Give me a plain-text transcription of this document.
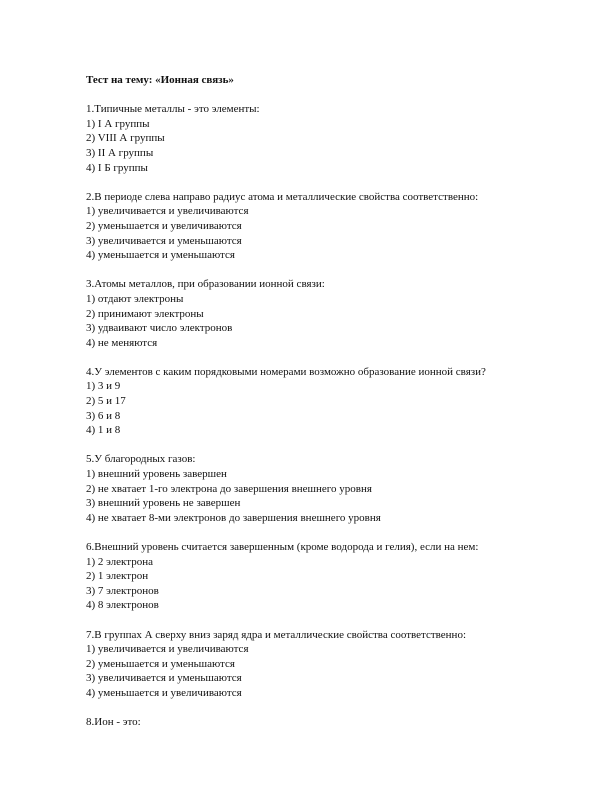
Тест на тему: «Ионная связь»
1.Типичные металлы - это элементы:
1) I А группы
2) VIII А группы
3) II А группы
4) I Б группы
2.В периоде слева направо радиус атома и металлические свойства соответственно:
1) увеличивается и увеличиваются
2) уменьшается и увеличиваются
3) увеличивается и уменьшаются
4) уменьшается и уменьшаются
3.Атомы металлов, при образовании ионной связи:
1) отдают электроны
2) принимают электроны
3) удваивают число электронов
4) не меняются
4.У элементов с каким порядковыми номерами возможно образование ионной связи?
1) 3 и 9
2) 5 и 17
3) 6 и 8
4) 1 и 8
5.У благородных газов:
1) внешний уровень завершен
2) не хватает 1-го электрона до завершения внешнего уровня
3) внешний уровень не завершен
4) не хватает 8-ми электронов до завершения внешнего уровня
6.Внешний уровень считается завершенным (кроме водорода и гелия), если на нем:
1) 2 электрона
2) 1 электрон
3) 7 электронов
4) 8 электронов
7.В группах А сверху вниз заряд ядра и металлические свойства соответственно:
1) увеличивается и увеличиваются
2) уменьшается и уменьшаются
3) увеличивается и уменьшаются
4) уменьшается и увеличиваются
8.Ион - это:
